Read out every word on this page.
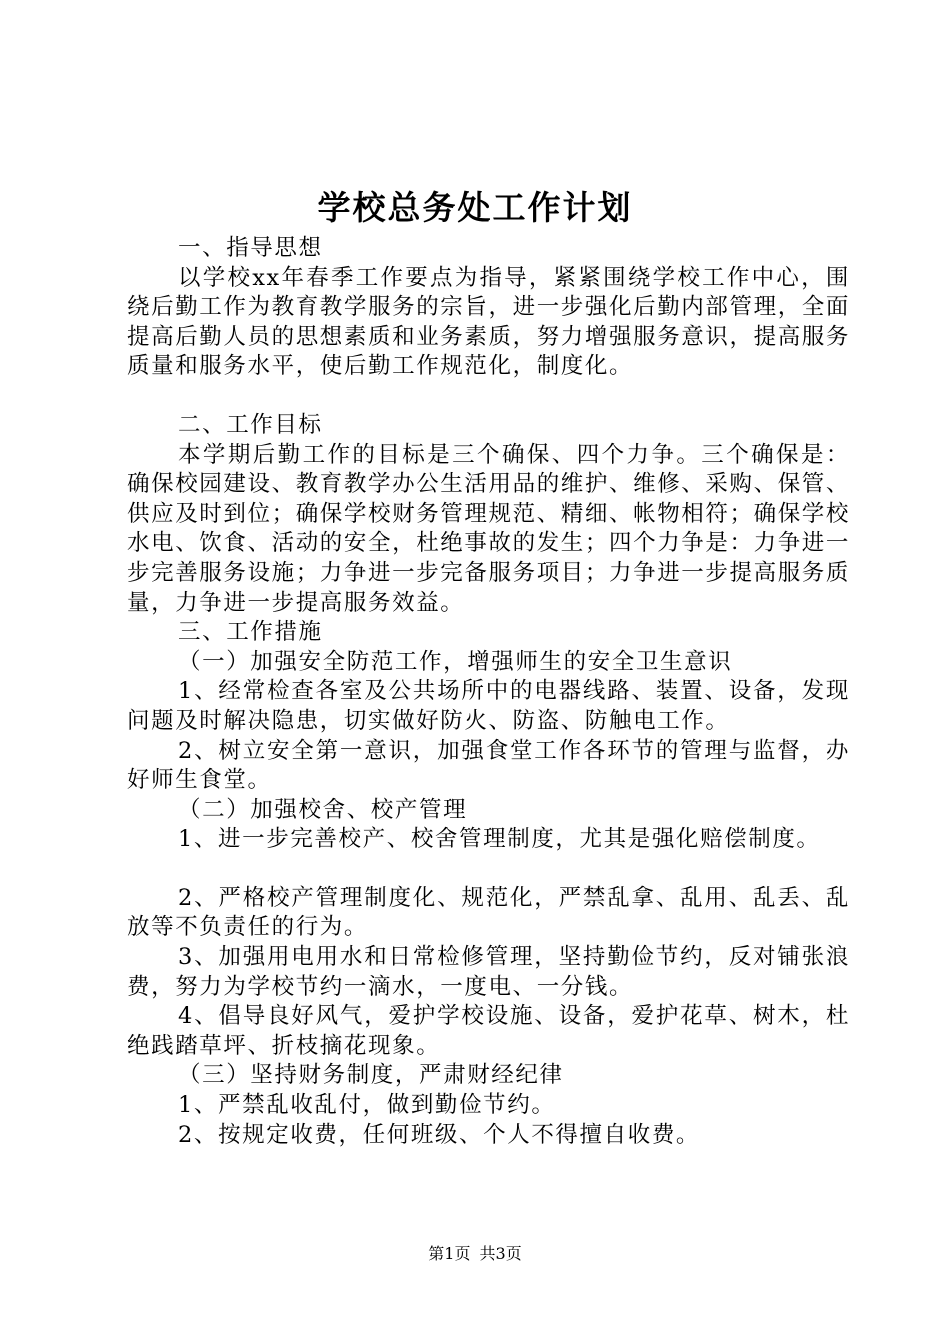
学校总务处工作计划

一、指导思想

以学校xx年春季工作要点为指导，紧紧围绕学校工作中心，围绕后勤工作为教育教学服务的宗旨，进一步强化后勤内部管理，全面提高后勤人员的思想素质和业务素质，努力增强服务意识，提高服务质量和服务水平，使后勤工作规范化，制度化。

二、工作目标

本学期后勤工作的目标是三个确保、四个力争。三个确保是：确保校园建设、教育教学办公生活用品的维护、维修、采购、保管、供应及时到位；确保学校财务管理规范、精细、帐物相符；确保学校水电、饮食、活动的安全，杜绝事故的发生；四个力争是：力争进一步完善服务设施；力争进一步完备服务项目；力争进一步提高服务质量，力争进一步提高服务效益。

三、工作措施

（一）加强安全防范工作，增强师生的安全卫生意识

1、经常检查各室及公共场所中的电器线路、装置、设备，发现问题及时解决隐患，切实做好防火、防盗、防触电工作。

2、树立安全第一意识，加强食堂工作各环节的管理与监督，办好师生食堂。

（二）加强校舍、校产管理

1、进一步完善校产、校舍管理制度，尤其是强化赔偿制度。

2、严格校产管理制度化、规范化，严禁乱拿、乱用、乱丢、乱放等不负责任的行为。

3、加强用电用水和日常检修管理，坚持勤俭节约，反对铺张浪费，努力为学校节约一滴水，一度电、一分钱。

4、倡导良好风气，爱护学校设施、设备，爱护花草、树木，杜绝践踏草坪、折枝摘花现象。

（三）坚持财务制度，严肃财经纪律

1、严禁乱收乱付，做到勤俭节约。

2、按规定收费，任何班级、个人不得擅自收费。

第1页 共3页
